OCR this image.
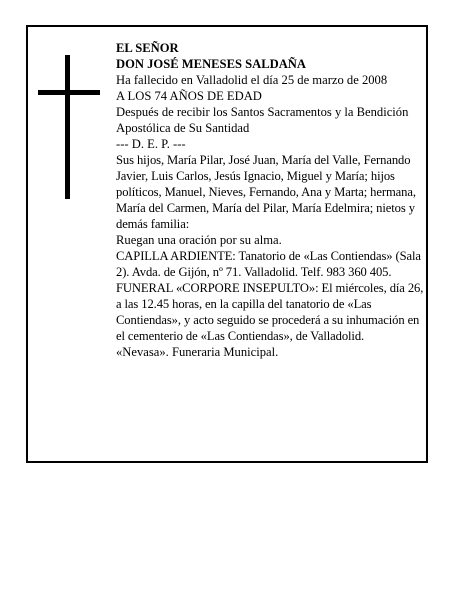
EL SEÑOR

DON JOSÉ MENESES SALDAÑA

Ha fallecido en Valladolid el día 25 de marzo de 2008

A LOS 74 AÑOS DE EDAD

Después de recibir los Santos Sacramentos y la Bendición Apostólica de Su Santidad

--- D. E. P. ---

Sus hijos, María Pilar, José Juan, María del Valle, Fernando Javier, Luis Carlos, Jesús Ignacio, Miguel y María; hijos políticos, Manuel, Nieves, Fernando, Ana y Marta; hermana, María del Carmen, María del Pilar, María Edelmira; nietos y demás familia:

Ruegan una oración por su alma.

CAPILLA ARDIENTE: Tanatorio de «Las Contiendas» (Sala 2). Avda. de Gijón, nº 71. Valladolid. Telf. 983 360 405.

FUNERAL «CORPORE INSEPULTO»: El miércoles, día 26, a las 12.45 horas, en la capilla del tanatorio de «Las Contiendas», y acto seguido se procederá a su inhumación en el cementerio de «Las Contiendas», de Valladolid.

«Nevasa». Funeraria Municipal.
